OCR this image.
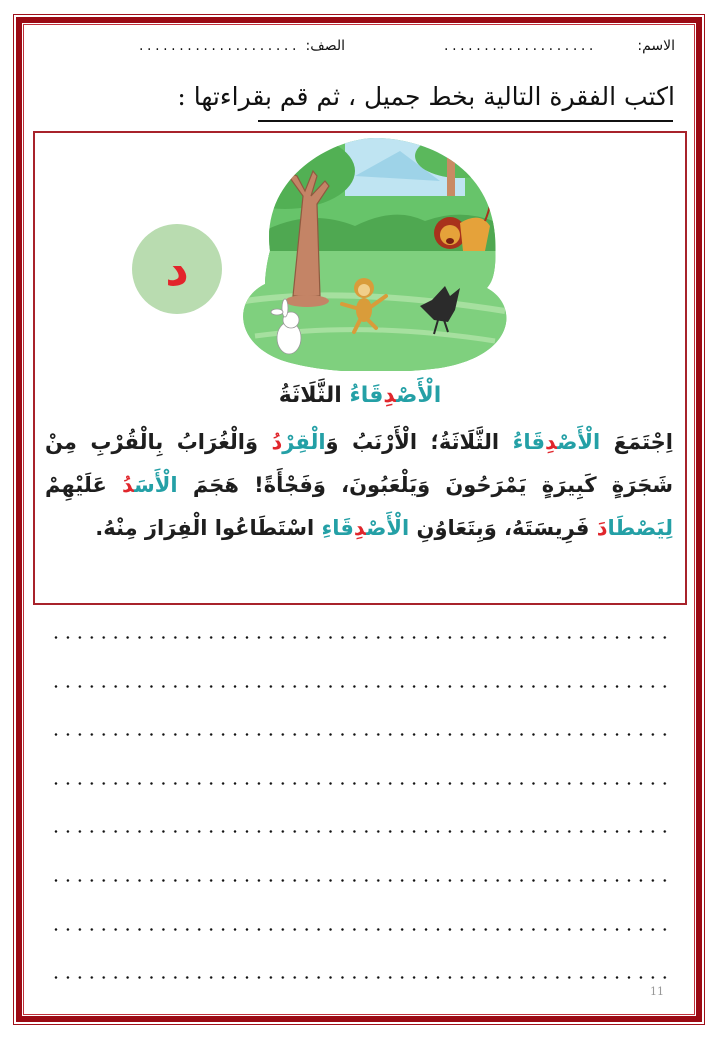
الاسم:
...................
الصف:
....................
اكتب الفقرة التالية بخط جميل ، ثم قم بقراءتها :
د
الْأَصْدِقَاءُ الثَّلَاثَةُ
اِجْتَمَعَ الْأَصْدِقَاءُ الثَّلَاثَةُ؛ الْأَرْنَبُ وَالْقِرْدُ وَالْغُرَابُ بِالْقُرْبِ مِنْ شَجَرَةٍ كَبِيرَةٍ يَمْرَحُونَ وَيَلْعَبُونَ، وَفَجْأَةً! هَجَمَ الْأَسَدُ عَلَيْهِمْ لِيَصْطَادَ فَرِيسَتَهُ، وَبِتَعَاوُنِ الْأَصْدِقَاءِ اسْتَطَاعُوا الْفِرَارَ مِنْهُ.
11
